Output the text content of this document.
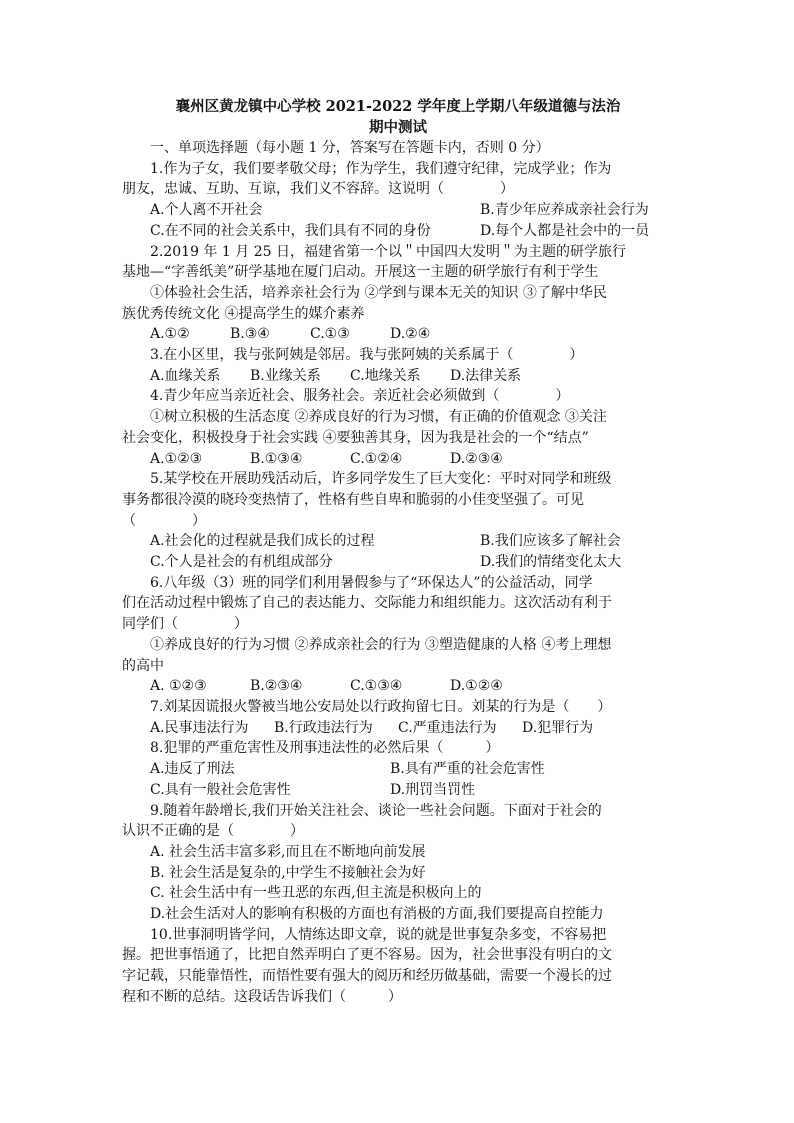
襄州区黄龙镇中心学校 2021-2022 学年度上学期八年级道德与法治
期中测试
一、单项选择题（每小题 1 分，答案写在答题卡内，否则 0 分）
1.作为子女，我们要孝敬父母；作为学生，我们遵守纪律，完成学业；作为
朋友，忠诚、互助、互谅，我们义不容辞。这说明（　　　　）
A.个人离不开社会	B.青少年应养成亲社会行为
C.在不同的社会关系中，我们具有不同的身份	D.每个人都是社会中的一员
2.2019 年 1 月 25 日，福建省第一个以＂中国四大发明＂为主题的研学旅行
基地—“字善纸美”研学基地在厦门启动。开展这一主题的研学旅行有利于学生
①体验社会生活，培养亲社会行为 ②学到与课本无关的知识 ③了解中华民
族优秀传统文化 ④提高学生的媒介素养
A.①②	B.③④	C.①③	D.②④
3.在小区里，我与张阿姨是邻居。我与张阿姨的关系属于（　　　　）
A.血缘关系 B.业缘关系 C.地缘关系 D.法律关系
4.青少年应当亲近社会、服务社会。亲近社会必须做到（　　　　）
①树立积极的生活态度 ②养成良好的行为习惯，有正确的价值观念 ③关注
社会变化，积极投身于社会实践 ④要独善其身，因为我是社会的一个“结点”
A.①②③	B.①③④	C.①②④	D.②③④
5.某学校在开展助残活动后，许多同学发生了巨大变化：平时对同学和班级
事务都很冷漠的晓玲变热情了，性格有些自卑和脆弱的小佳变坚强了。可见
（　　　　）
A.社会化的过程就是我们成长的过程	B.我们应该多了解社会
C.个人是社会的有机组成部分	D.我们的情绪变化太大
6.八年级（3）班的同学们利用暑假参与了“环保达人”的公益活动，同学
们在活动过程中锻炼了自己的表达能力、交际能力和组织能力。这次活动有利于
同学们（　　　　）
①养成良好的行为习惯 ②养成亲社会的行为 ③塑造健康的人格 ④考上理想
的高中
A. ①②③	B.②③④	C.①③④	D.①②④
7.刘某因谎报火警被当地公安局处以行政拘留七日。刘某的行为是（　　）
A.民事违法行为 B.行政违法行为 C.严重违法行为 D.犯罪行为
8.犯罪的严重危害性及刑事违法性的必然后果（　　　）
A.违反了刑法	B.具有严重的社会危害性
C.具有一般社会危害性	D.刑罚当罚性
9.随着年龄增长,我们开始关注社会、谈论一些社会问题。下面对于社会的
认识不正确的是（　　　　）
A. 社会生活丰富多彩,而且在不断地向前发展
B. 社会生活是复杂的,中学生不接触社会为好
C. 社会生活中有一些丑恶的东西,但主流是积极向上的
D.社会生活对人的影响有积极的方面也有消极的方面,我们要提高自控能力
10.世事洞明皆学问，人情练达即文章，说的就是世事复杂多变，不容易把
握。把世事悟通了，比把自然弄明白了更不容易。因为，社会世事没有明白的文
字记载，只能靠悟性，而悟性要有强大的阅历和经历做基础，需要一个漫长的过
程和不断的总结。这段话告诉我们（　　　）
